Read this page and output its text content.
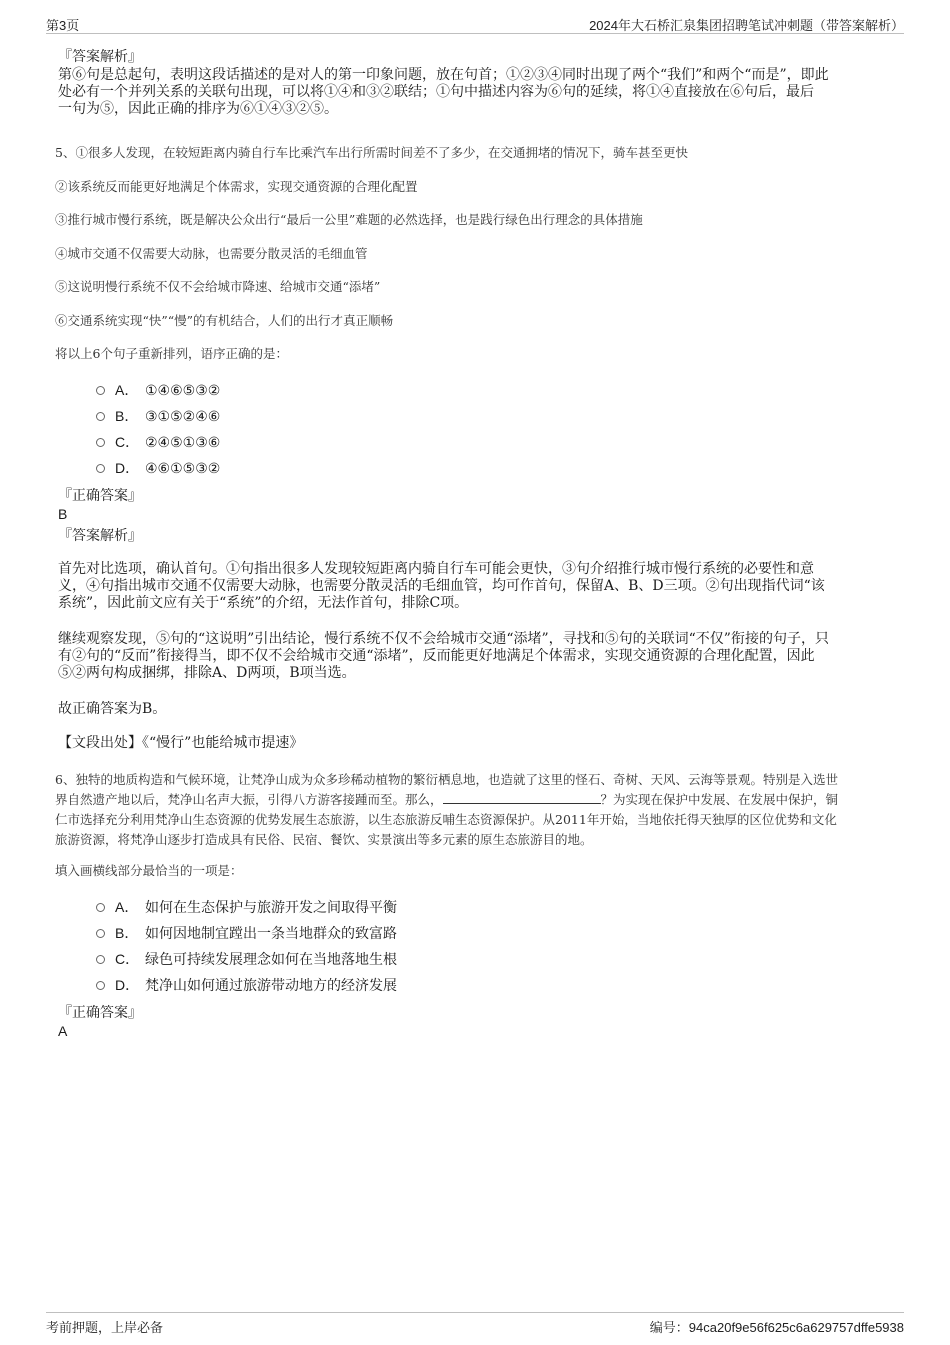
第3页	2024年大石桥汇泉集团招聘笔试冲刺题（带答案解析）
『答案解析』
第⑥句是总起句，表明这段话描述的是对人的第一印象问题，放在句首；①②③④同时出现了两个“我们”和两个“而是”，即此
处必有一个并列关系的关联句出现，可以将①④和③②联结；①句中描述内容为⑥句的延续，将①④直接放在⑥句后，最后
一句为⑤，因此正确的排序为⑥①④③②⑤。
5、①很多人发现，在较短距离内骑自行车比乘汽车出行所需时间差不了多少，在交通拥堵的情况下，骑车甚至更快
②该系统反而能更好地满足个体需求，实现交通资源的合理化配置
③推行城市慢行系统，既是解决公众出行“最后一公里”难题的必然选择，也是践行绿色出行理念的具体措施
④城市交通不仅需要大动脉，也需要分散灵活的毛细血管
⑤这说明慢行系统不仅不会给城市降速、给城市交通“添堵”
⑥交通系统实现“快”“慢”的有机结合，人们的出行才真正顺畅
将以上6个句子重新排列，语序正确的是：
A． ①④⑥⑤③②
B． ③①⑤②④⑥
C． ②④⑤①③⑥
D． ④⑥①⑤③②
『正确答案』
B
『答案解析』
首先对比选项，确认首句。①句指出很多人发现较短距离内骑自行车可能会更快，③句介绍推行城市慢行系统的必要性和意
义，④句指出城市交通不仅需要大动脉，也需要分散灵活的毛细血管，均可作首句，保留A、B、D三项。②句出现指代词“该
系统”，因此前文应有关于“系统”的介绍，无法作首句，排除C项。
继续观察发现，⑤句的“这说明”引出结论，慢行系统不仅不会给城市交通“添堵”，寻找和⑤句的关联词“不仅”衔接的句子，只
有②句的“反而”衔接得当，即不仅不会给城市交通“添堵”，反而能更好地满足个体需求，实现交通资源的合理化配置，因此
⑤②两句构成捆绑，排除A、D两项，B项当选。
故正确答案为B。
【文段出处】《“慢行”也能给城市提速》
6、独特的地质构造和气候环境，让梵净山成为众多珍稀动植物的繁衍栖息地，也造就了这里的怪石、奇树、天风、云海等景观。特别是入选世
界自然遗产地以后，梵净山名声大振，引得八方游客接踵而至。那么，	？为实现在保护中发展、在发展中保护，铜
仁市选择充分利用梵净山生态资源的优势发展生态旅游，以生态旅游反哺生态资源保护。从2011年开始，当地依托得天独厚的区位优势和文化
旅游资源，将梵净山逐步打造成具有民俗、民宿、餐饮、实景演出等多元素的原生态旅游目的地。
填入画横线部分最恰当的一项是：
A． 如何在生态保护与旅游开发之间取得平衡
B． 如何因地制宜蹚出一条当地群众的致富路
C． 绿色可持续发展理念如何在当地落地生根
D． 梵净山如何通过旅游带动地方的经济发展
『正确答案』
A
考前押题，上岸必备	编号：94ca20f9e56f625c6a629757dffe5938
